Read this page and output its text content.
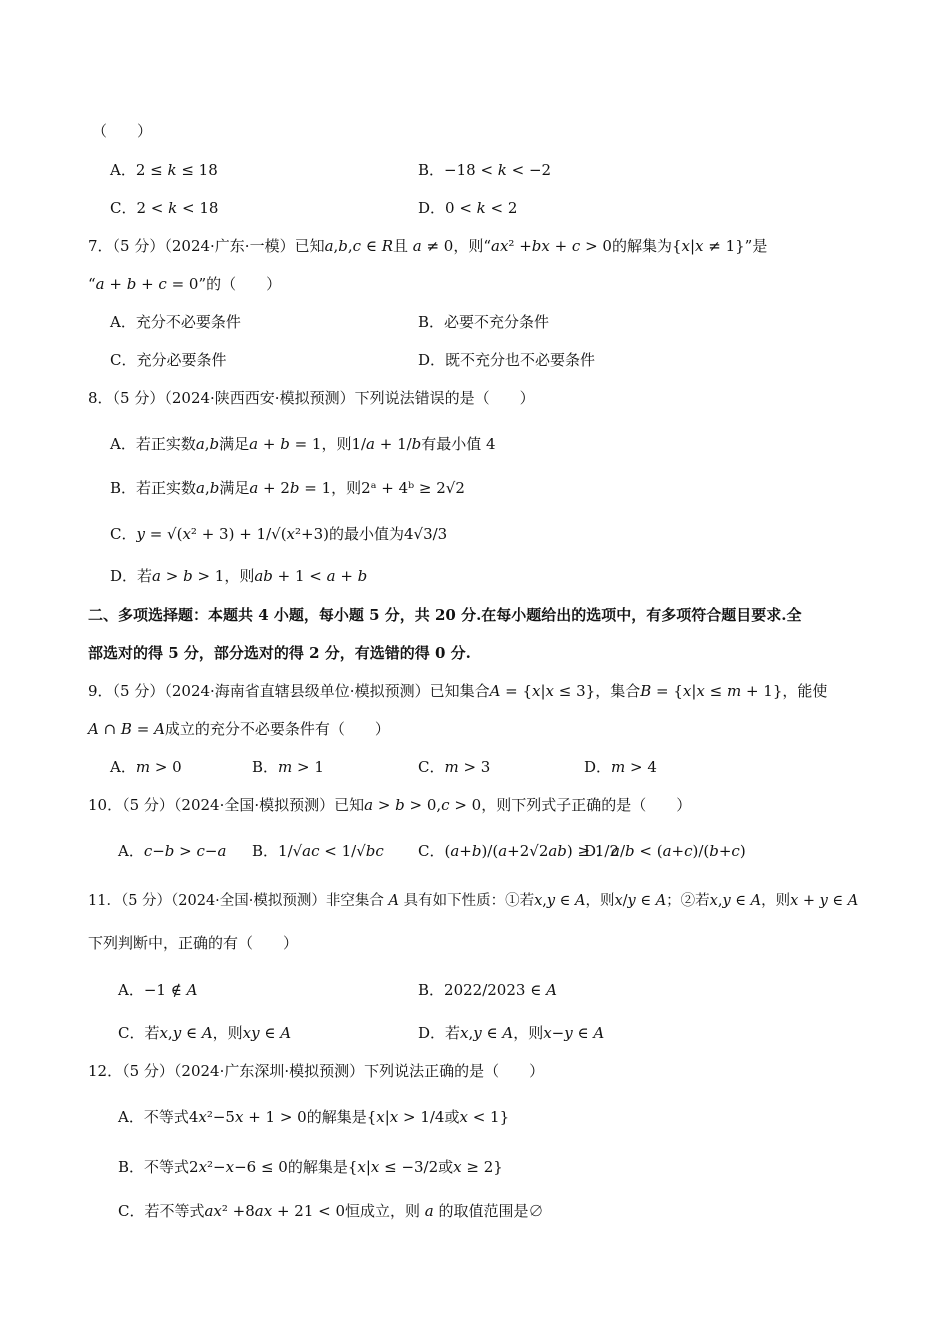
（　　）
A．2 ≤ 𝑘 ≤ 18	B．−18 < 𝑘 < −2
C．2 < 𝑘 < 18	D．0 < 𝑘 < 2
7．（5 分）（2024·广东·一模）已知𝑎,𝑏,𝑐 ∈ 𝑅且 𝑎 ≠ 0，则“𝑎𝑥² +𝑏𝑥 + 𝑐 > 0的解集为{𝑥|𝑥 ≠ 1}”是
“𝑎 + 𝑏 + 𝑐 = 0”的（　　）
A．充分不必要条件	B．必要不充分条件
C．充分必要条件	D．既不充分也不必要条件
8．（5 分）（2024·陕西西安·模拟预测）下列说法错误的是（　　）
A．若正实数𝑎,𝑏满足𝑎 + 𝑏 = 1，则1/𝑎 + 1/𝑏有最小值 4
B．若正实数𝑎,𝑏满足𝑎 + 2𝑏 = 1，则2ᵃ + 4ᵇ ≥ 2√2
C．𝑦 = √(𝑥² + 3) + 1/√(𝑥²+3)的最小值为4√3/3
D．若𝑎 > 𝑏 > 1，则𝑎𝑏 + 1 < 𝑎 + 𝑏
二、多项选择题：本题共 4 小题，每小题 5 分，共 20 分.在每小题给出的选项中，有多项符合题目要求.全
部选对的得 5 分，部分选对的得 2 分，有选错的得 0 分.
9．（5 分）（2024·海南省直辖县级单位·模拟预测）已知集合𝐴 = {𝑥|𝑥 ≤ 3}，集合𝐵 = {𝑥|𝑥 ≤ 𝑚 + 1}，能使
𝐴 ∩ 𝐵 = 𝐴成立的充分不必要条件有（　　）
A．𝑚 > 0	B．𝑚 > 1	C．𝑚 > 3	D．𝑚 > 4
10．（5 分）（2024·全国·模拟预测）已知𝑎 > 𝑏 > 0,𝑐 > 0，则下列式子正确的是（　　）
A．𝑐−𝑏 > 𝑐−𝑎 B．1/√𝑎𝑐 < 1/√𝑏𝑐 C．(𝑎+𝑏)/(𝑎+2√2𝑎𝑏) ≥ 1/2
D．𝑎/𝑏 < (𝑎+𝑐)/(𝑏+𝑐)
11．（5 分）（2024·全国·模拟预测）非空集合 𝐴 具有如下性质：①若𝑥,𝑦 ∈ 𝐴，则𝑥/𝑦 ∈ 𝐴；②若𝑥,𝑦 ∈ 𝐴，则𝑥 + 𝑦 ∈ 𝐴
下列判断中，正确的有（　　）
A．−1 ∉ 𝐴	B．2022/2023 ∈ 𝐴
C．若𝑥,𝑦 ∈ 𝐴，则𝑥𝑦 ∈ 𝐴	D．若𝑥,𝑦 ∈ 𝐴，则𝑥−𝑦 ∈ 𝐴
12．（5 分）（2024·广东深圳·模拟预测）下列说法正确的是（　　）
A．不等式4𝑥²−5𝑥 + 1 > 0的解集是{𝑥|𝑥 > 1/4或𝑥 < 1}
B．不等式2𝑥²−𝑥−6 ≤ 0的解集是{𝑥|𝑥 ≤ −3/2或𝑥 ≥ 2}
C．若不等式𝑎𝑥² +8𝑎𝑥 + 21 < 0恒成立，则 𝑎 的取值范围是∅
